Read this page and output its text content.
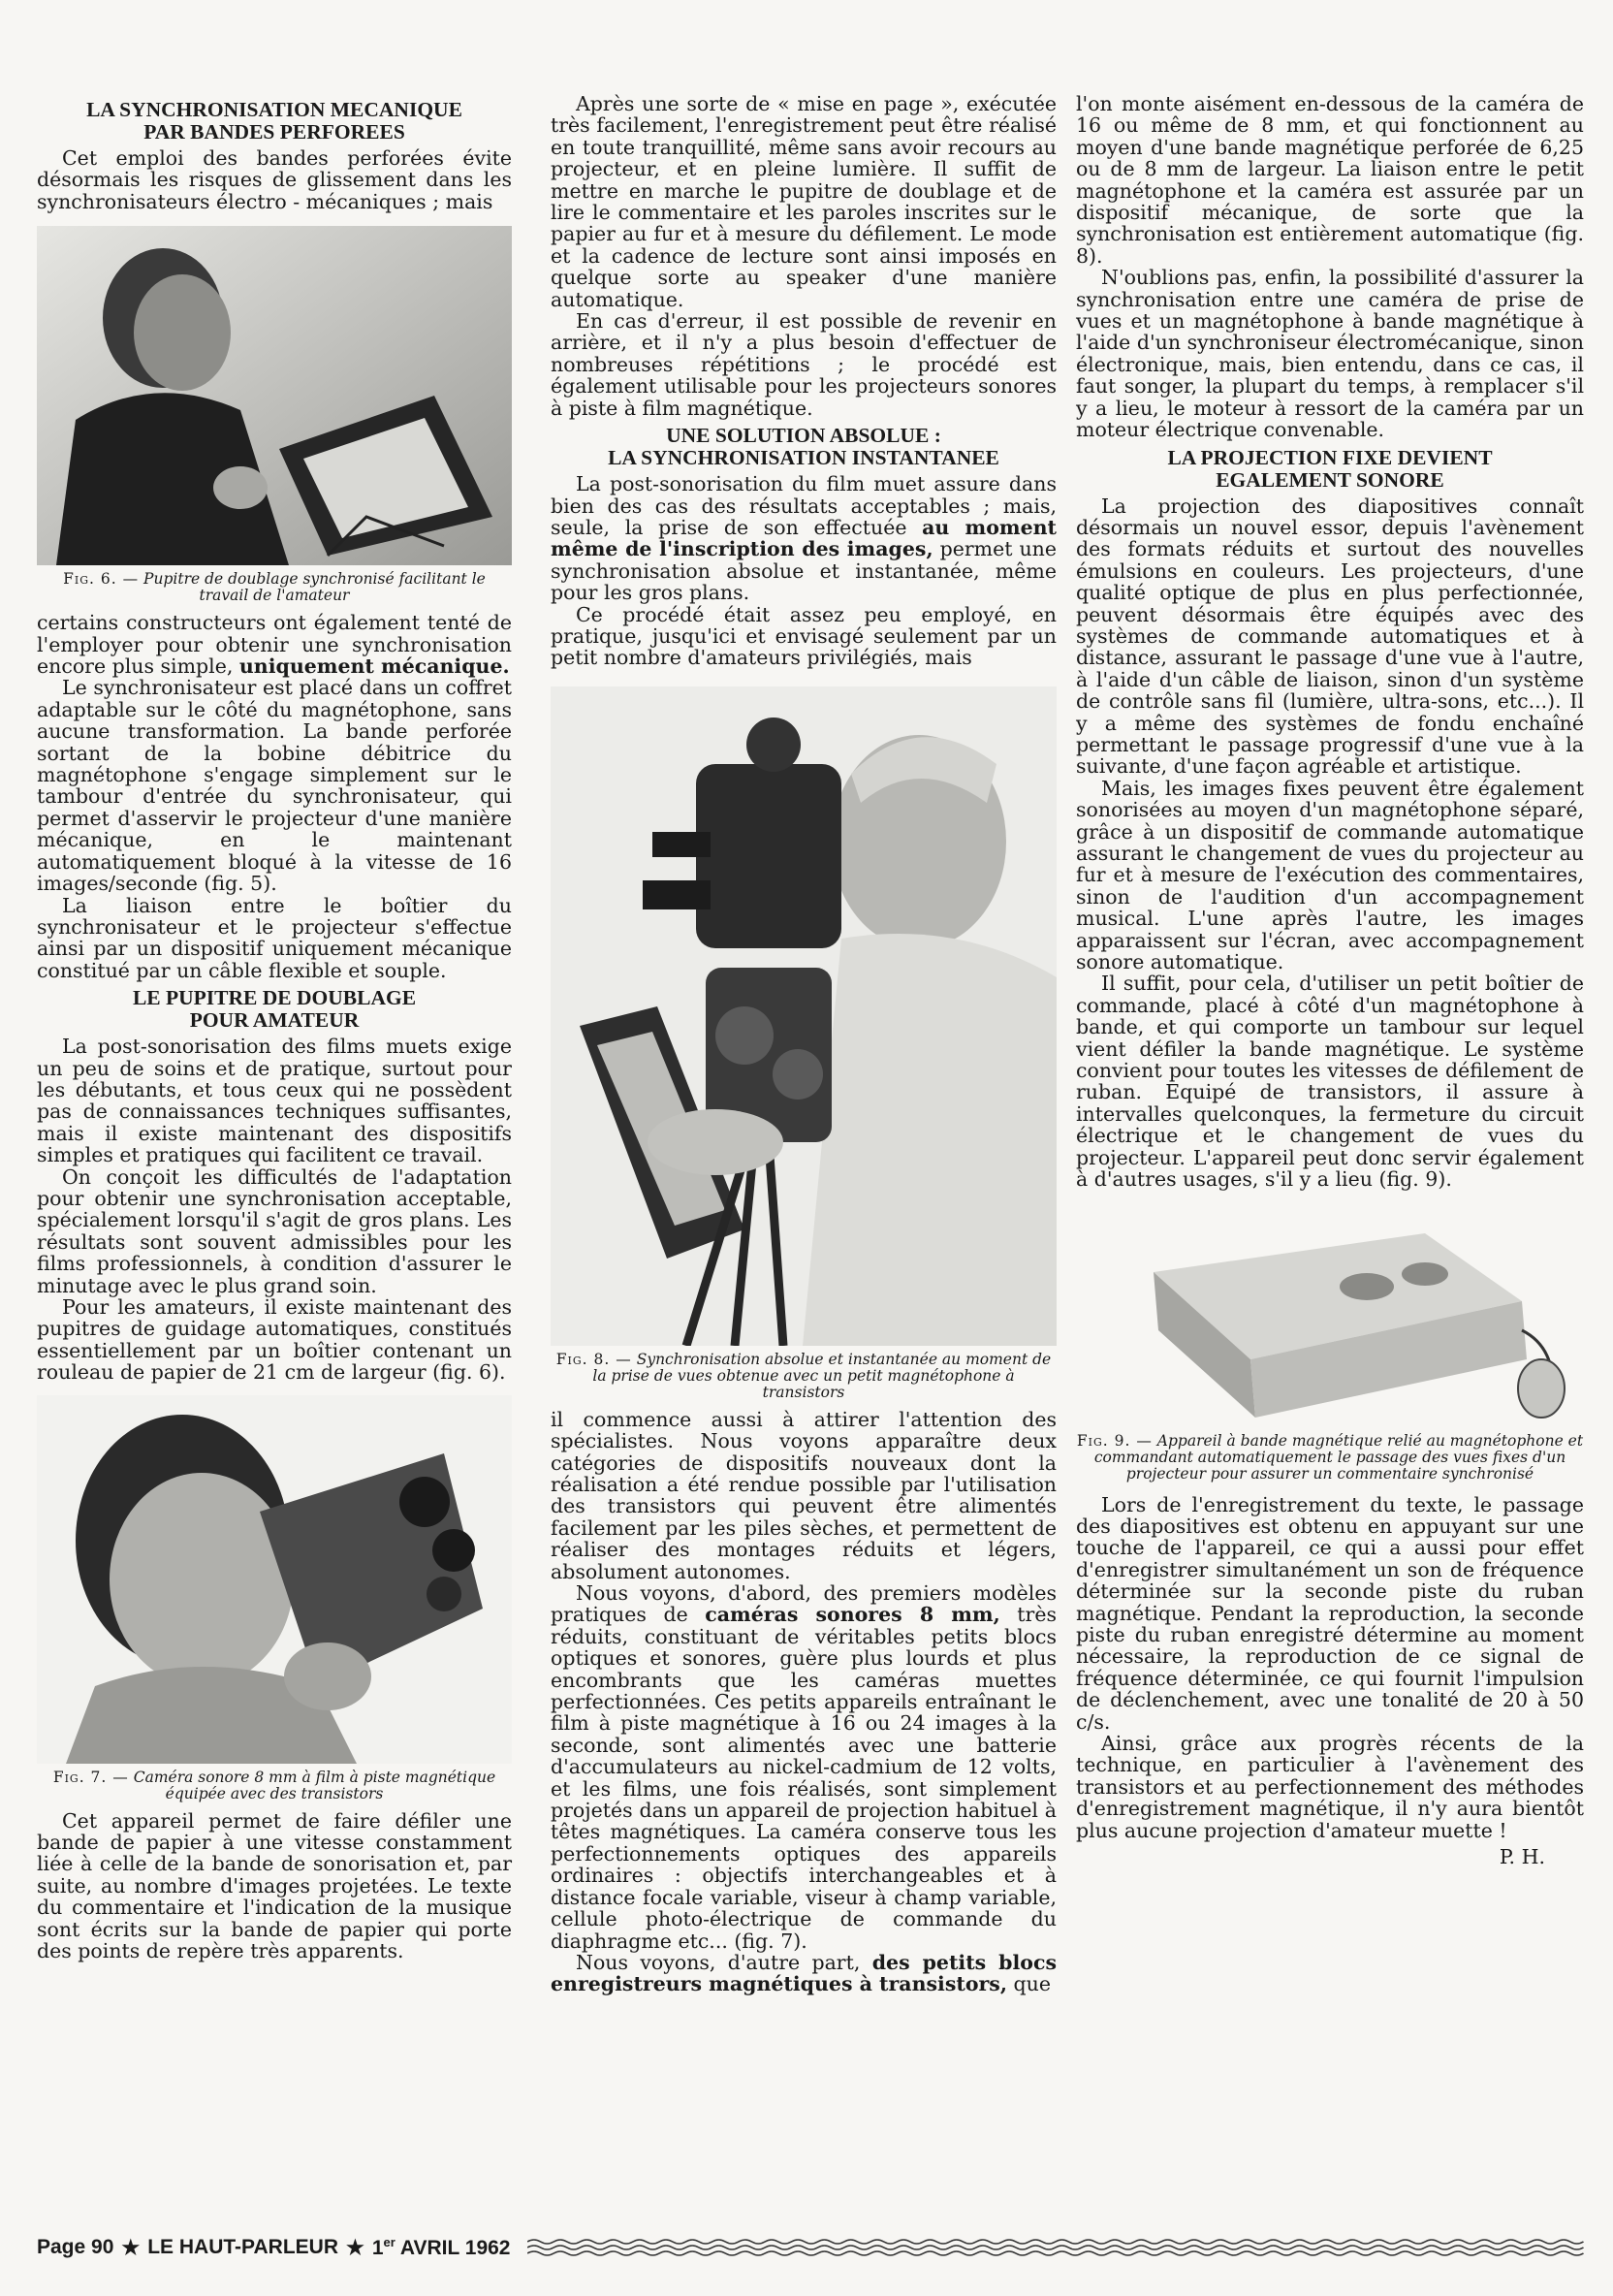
LA SYNCHRONISATION MECANIQUE
PAR BANDES PERFOREES

Cet emploi des bandes perforées évite désormais les risques de glissement dans les synchronisateurs électro - mécaniques ; mais

Fig. 6. — Pupitre de doublage synchronisé facilitant le travail de l'amateur

certains constructeurs ont également tenté de l'employer pour obtenir une synchronisation encore plus simple, uniquement mécanique.

Le synchronisateur est placé dans un coffret adaptable sur le côté du magnétophone, sans aucune transformation. La bande perforée sortant de la bobine débitrice du magnétophone s'engage simplement sur le tambour d'entrée du synchronisateur, qui permet d'asservir le projecteur d'une manière mécanique, en le maintenant automatiquement bloqué à la vitesse de 16 images/seconde (fig. 5).

La liaison entre le boîtier du synchronisateur et le projecteur s'effectue ainsi par un dispositif uniquement mécanique constitué par un câble flexible et souple.

LE PUPITRE DE DOUBLAGE
POUR AMATEUR

La post-sonorisation des films muets exige un peu de soins et de pratique, surtout pour les débutants, et tous ceux qui ne possèdent pas de connaissances techniques suffisantes, mais il existe maintenant des dispositifs simples et pratiques qui facilitent ce travail.

On conçoit les difficultés de l'adaptation pour obtenir une synchronisation acceptable, spécialement lorsqu'il s'agit de gros plans. Les résultats sont souvent admissibles pour les films professionnels, à condition d'assurer le minutage avec le plus grand soin.

Pour les amateurs, il existe maintenant des pupitres de guidage automatiques, constitués essentiellement par un boîtier contenant un rouleau de papier de 21 cm de largeur (fig. 6).

Fig. 7. — Caméra sonore 8 mm à film à piste magnétique équipée avec des transistors

Cet appareil permet de faire défiler une bande de papier à une vitesse constamment liée à celle de la bande de sonorisation et, par suite, au nombre d'images projetées. Le texte du commentaire et l'indication de la musique sont écrits sur la bande de papier qui porte des points de repère très apparents.

Après une sorte de « mise en page », exécutée très facilement, l'enregistrement peut être réalisé en toute tranquillité, même sans avoir recours au projecteur, et en pleine lumière. Il suffit de mettre en marche le pupitre de doublage et de lire le commentaire et les paroles inscrites sur le papier au fur et à mesure du défilement. Le mode et la cadence de lecture sont ainsi imposés en quelque sorte au speaker d'une manière automatique.

En cas d'erreur, il est possible de revenir en arrière, et il n'y a plus besoin d'effectuer de nombreuses répétitions ; le procédé est également utilisable pour les projecteurs sonores à piste à film magnétique.

UNE SOLUTION ABSOLUE :
LA SYNCHRONISATION INSTANTANEE

La post-sonorisation du film muet assure dans bien des cas des résultats acceptables ; mais, seule, la prise de son effectuée au moment même de l'inscription des images, permet une synchronisation absolue et instantanée, même pour les gros plans.

Ce procédé était assez peu employé, en pratique, jusqu'ici et envisagé seulement par un petit nombre d'amateurs privilégiés, mais

Fig. 8. — Synchronisation absolue et instantanée au moment de la prise de vues obtenue avec un petit magnétophone à transistors

il commence aussi à attirer l'attention des spécialistes. Nous voyons apparaître deux catégories de dispositifs nouveaux dont la réalisation a été rendue possible par l'utilisation des transistors qui peuvent être alimentés facilement par les piles sèches, et permettent de réaliser des montages réduits et légers, absolument autonomes.

Nous voyons, d'abord, des premiers modèles pratiques de caméras sonores 8 mm, très réduits, constituant de véritables petits blocs optiques et sonores, guère plus lourds et plus encombrants que les caméras muettes perfectionnées. Ces petits appareils entraînant le film à piste magnétique à 16 ou 24 images à la seconde, sont alimentés avec une batterie d'accumulateurs au nickel-cadmium de 12 volts, et les films, une fois réalisés, sont simplement projetés dans un appareil de projection habituel à têtes magnétiques. La caméra conserve tous les perfectionnements optiques des appareils ordinaires : objectifs interchangeables et à distance focale variable, viseur à champ variable, cellule photo-électrique de commande du diaphragme etc... (fig. 7).

Nous voyons, d'autre part, des petits blocs enregistreurs magnétiques à transistors, que

l'on monte aisément en-dessous de la caméra de 16 ou même de 8 mm, et qui fonctionnent au moyen d'une bande magnétique perforée de 6,25 ou de 8 mm de largeur. La liaison entre le petit magnétophone et la caméra est assurée par un dispositif mécanique, de sorte que la synchronisation est entièrement automatique (fig. 8).

N'oublions pas, enfin, la possibilité d'assurer la synchronisation entre une caméra de prise de vues et un magnétophone à bande magnétique à l'aide d'un synchroniseur électromécanique, sinon électronique, mais, bien entendu, dans ce cas, il faut songer, la plupart du temps, à remplacer s'il y a lieu, le moteur à ressort de la caméra par un moteur électrique convenable.

LA PROJECTION FIXE DEVIENT
EGALEMENT SONORE

La projection des diapositives connaît désormais un nouvel essor, depuis l'avènement des formats réduits et surtout des nouvelles émulsions en couleurs. Les projecteurs, d'une qualité optique de plus en plus perfectionnée, peuvent désormais être équipés avec des systèmes de commande automatiques et à distance, assurant le passage d'une vue à l'autre, à l'aide d'un câble de liaison, sinon d'un système de contrôle sans fil (lumière, ultra-sons, etc...). Il y a même des systèmes de fondu enchaîné permettant le passage progressif d'une vue à la suivante, d'une façon agréable et artistique.

Mais, les images fixes peuvent être également sonorisées au moyen d'un magnétophone séparé, grâce à un dispositif de commande automatique assurant le changement de vues du projecteur au fur et à mesure de l'exécution des commentaires, sinon de l'audition d'un accompagnement musical. L'une après l'autre, les images apparaissent sur l'écran, avec accompagnement sonore automatique.

Il suffit, pour cela, d'utiliser un petit boîtier de commande, placé à côté d'un magnétophone à bande, et qui comporte un tambour sur lequel vient défiler la bande magnétique. Le système convient pour toutes les vitesses de défilement de ruban. Equipé de transistors, il assure à intervalles quelconques, la fermeture du circuit électrique et le changement de vues du projecteur. L'appareil peut donc servir également à d'autres usages, s'il y a lieu (fig. 9).

Fig. 9. — Appareil à bande magnétique relié au magnétophone et commandant automatiquement le passage des vues fixes d'un projecteur pour assurer un commentaire synchronisé

Lors de l'enregistrement du texte, le passage des diapositives est obtenu en appuyant sur une touche de l'appareil, ce qui a aussi pour effet d'enregistrer simultanément un son de fréquence déterminée sur la seconde piste du ruban magnétique. Pendant la reproduction, la seconde piste du ruban enregistré détermine au moment nécessaire, la reproduction de ce signal de fréquence déterminée, ce qui fournit l'impulsion de déclenchement, avec une tonalité de 20 à 50 c/s.

Ainsi, grâce aux progrès récents de la technique, en particulier à l'avènement des transistors et au perfectionnement des méthodes d'enregistrement magnétique, il n'y aura bientôt plus aucune projection d'amateur muette !

P. H.
Page 90 ★ LE HAUT-PARLEUR ★ 1er AVRIL 1962
